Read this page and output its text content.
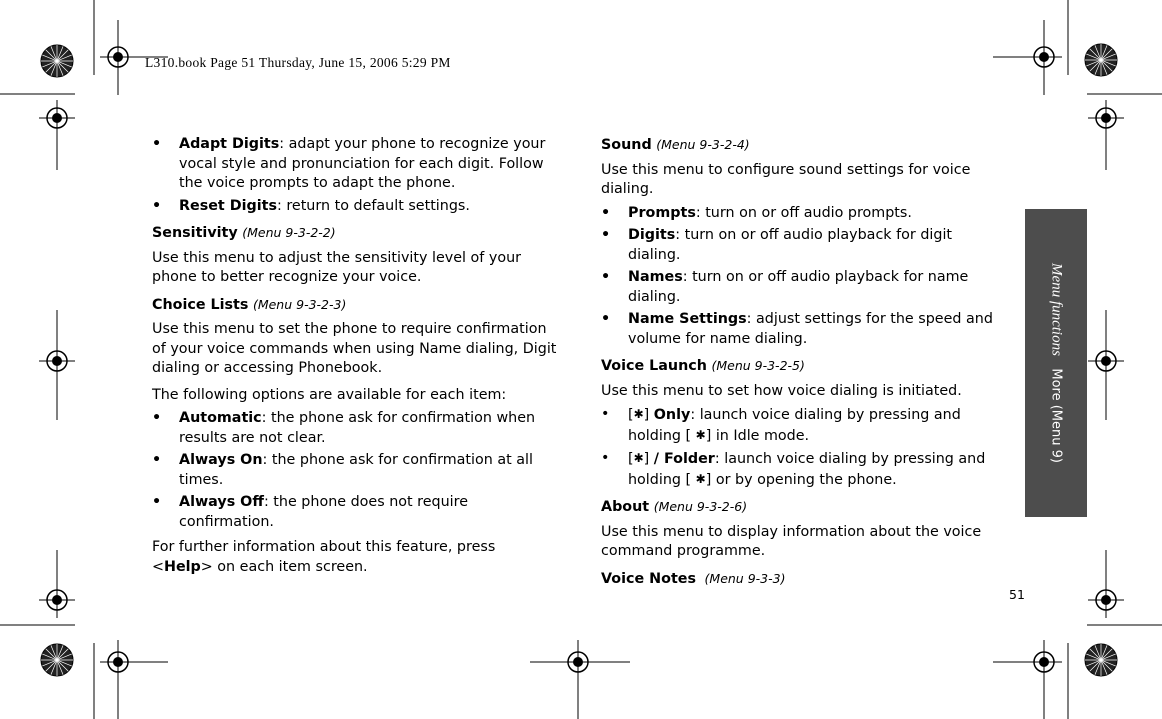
L310.book Page 51 Thursday, June 15, 2006 5:29 PM
• Adapt Digits: adapt your phone to recognize your vocal style and pronunciation for each digit. Follow the voice prompts to adapt the phone.
• Reset Digits: return to default settings.

Sensitivity (Menu 9-3-2-2)

Use this menu to adjust the sensitivity level of your phone to better recognize your voice.

Choice Lists (Menu 9-3-2-3)

Use this menu to set the phone to require confirmation of your voice commands when using Name dialing, Digit dialing or accessing Phonebook.

The following options are available for each item:

• Automatic: the phone ask for confirmation when results are not clear.
• Always On: the phone ask for confirmation at all times.
• Always Off: the phone does not require confirmation.

For further information about this feature, press <Help> on each item screen.

Sound (Menu 9-3-2-4)

Use this menu to configure sound settings for voice dialing.

• Prompts: turn on or off audio prompts.
• Digits: turn on or off audio playback for digit dialing.
• Names: turn on or off audio playback for name dialing.
• Name Settings: adjust settings for the speed and volume for name dialing.

Voice Launch (Menu 9-3-2-5)

Use this menu to set how voice dialing is initiated.

• [✱] Only: launch voice dialing by pressing and holding [ ✱] in Idle mode.
• [✱] / Folder: launch voice dialing by pressing and holding [ ✱] or by opening the phone.

About (Menu 9-3-2-6)

Use this menu to display information about the voice command programme.

Voice Notes (Menu 9-3-3)

Menu functions   More (Menu 9)
51
